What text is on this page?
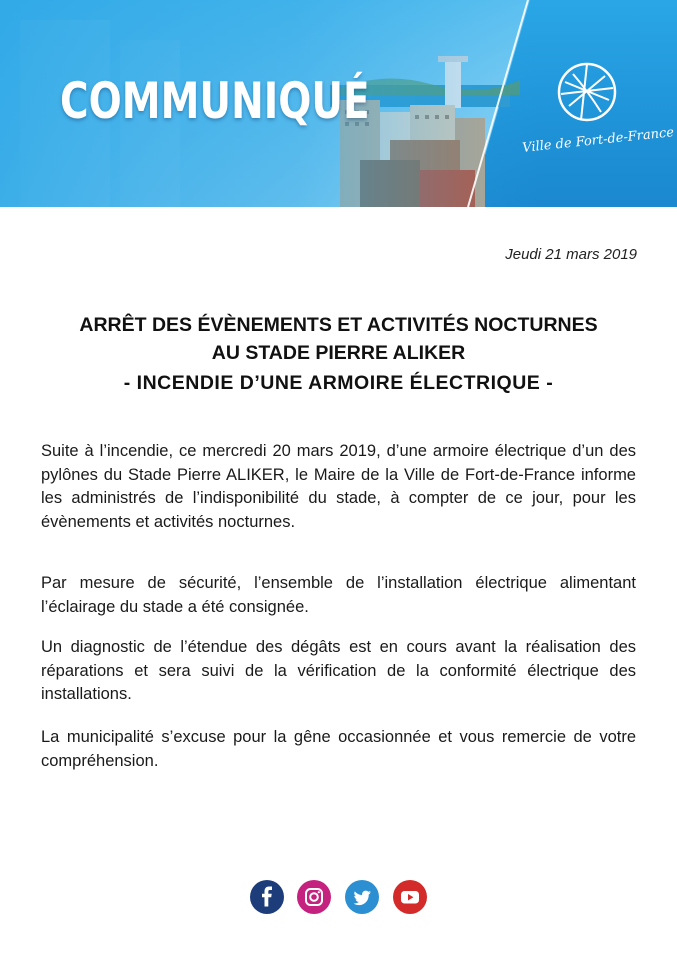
COMMUNIQUÉ
Ville de Fort-de-France
Jeudi 21 mars 2019
ARRÊT DES ÉVÈNEMENTS ET ACTIVITÉS NOCTURNES
AU STADE PIERRE ALIKER
- INCENDIE D’UNE ARMOIRE ÉLECTRIQUE -

Suite à l’incendie, ce mercredi 20 mars 2019, d’une armoire électrique d’un des pylônes du Stade Pierre ALIKER, le Maire de la Ville de Fort-de-France informe les administrés de l’indisponibilité du stade, à compter de ce jour, pour les évènements et activités nocturnes.

Par mesure de sécurité, l’ensemble de l’installation électrique alimentant l’éclairage du stade a été consignée.

Un diagnostic de l’étendue des dégâts est en cours avant la réalisation des réparations et sera suivi de la vérification de la conformité électrique des installations.

La municipalité s’excuse pour la gêne occasionnée et vous remercie de votre compréhension.
